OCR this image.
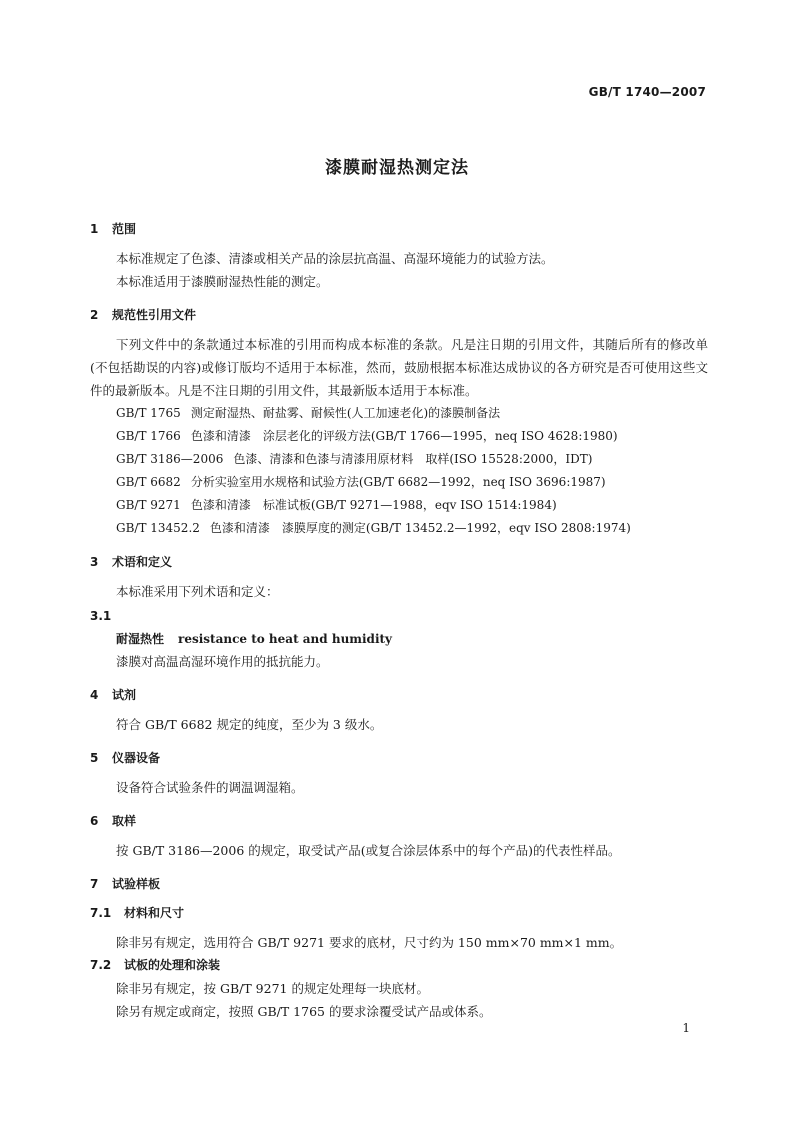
GB/T 1740—2007
漆膜耐湿热测定法
1	范围

本标准规定了色漆、清漆或相关产品的涂层抗高温、高湿环境能力的试验方法。

本标准适用于漆膜耐湿热性能的测定。

2	规范性引用文件

下列文件中的条款通过本标准的引用而构成本标准的条款。凡是注日期的引用文件，其随后所有的修改单(不包括勘误的内容)或修订版均不适用于本标准，然而，鼓励根据本标准达成协议的各方研究是否可使用这些文件的最新版本。凡是不注日期的引用文件，其最新版本适用于本标准。

GB/T 1765 测定耐湿热、耐盐雾、耐候性(人工加速老化)的漆膜制备法
GB/T 1766 色漆和清漆　涂层老化的评级方法(GB/T 1766—1995，neq ISO 4628:1980)
GB/T 3186—2006 色漆、清漆和色漆与清漆用原材料　取样(ISO 15528:2000，IDT)
GB/T 6682 分析实验室用水规格和试验方法(GB/T 6682—1992，neq ISO 3696:1987)
GB/T 9271 色漆和清漆　标准试板(GB/T 9271—1988，eqv ISO 1514:1984)
GB/T 13452.2 色漆和清漆　漆膜厚度的测定(GB/T 13452.2—1992，eqv ISO 2808:1974)
3	术语和定义

本标准采用下列术语和定义：

3.1
耐湿热性 resistance to heat and humidity

漆膜对高温高湿环境作用的抵抗能力。

4	试剂

符合 GB/T 6682 规定的纯度，至少为 3 级水。

5	仪器设备

设备符合试验条件的调温调湿箱。

6	取样

按 GB/T 3186—2006 的规定，取受试产品(或复合涂层体系中的每个产品)的代表性样品。

7	试验样板
7.1	材料和尺寸

除非另有规定，选用符合 GB/T 9271 要求的底材，尺寸约为 150 mm×70 mm×1 mm。

7.2	试板的处理和涂装

除非另有规定，按 GB/T 9271 的规定处理每一块底材。

除另有规定或商定，按照 GB/T 1765 的要求涂覆受试产品或体系。

1
